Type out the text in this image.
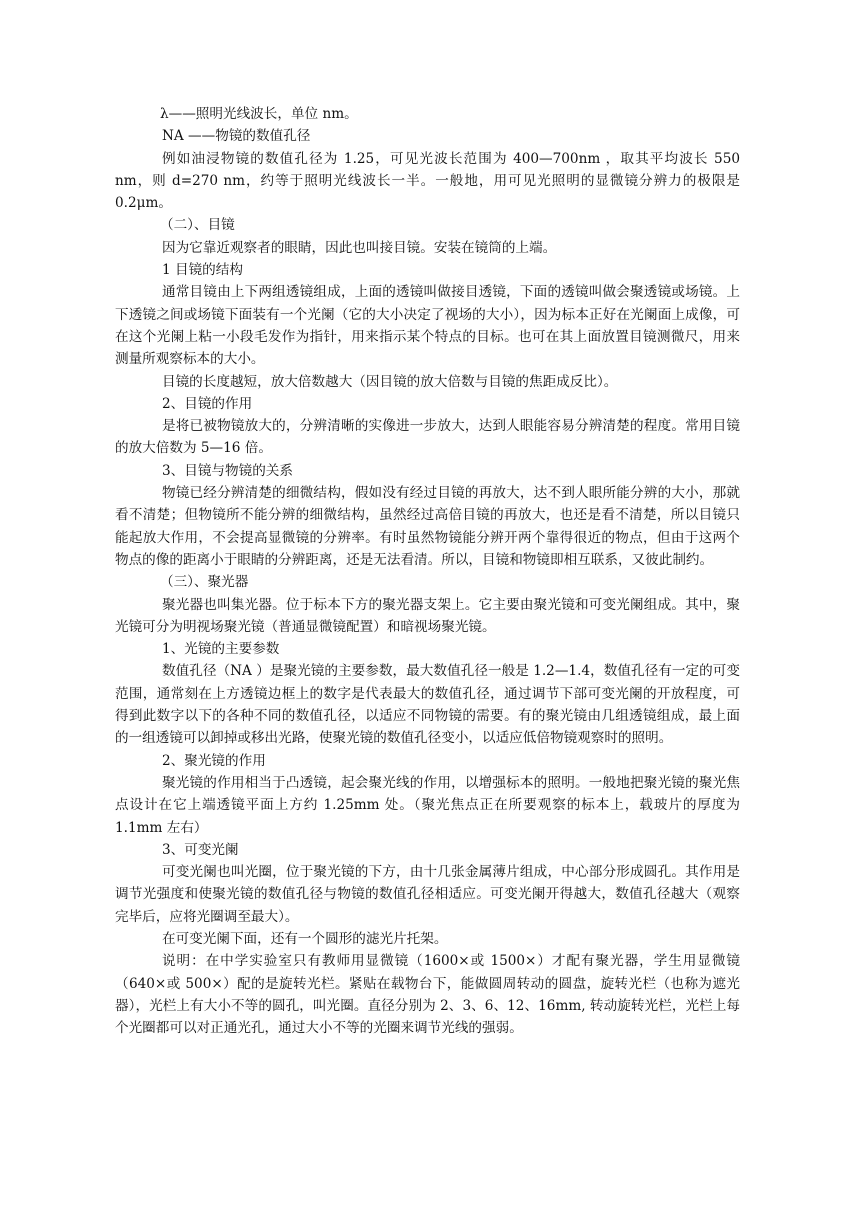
λ——照明光线波长，单位 nm。
NA ——物镜的数值孔径
例如油浸物镜的数值孔径为 1.25，可见光波长范围为 400—700nm ，取其平均波长 550 nm，则 d=270 nm，约等于照明光线波长一半。一般地，用可见光照明的显微镜分辨力的极限是 0.2μm。
（二）、目镜
因为它靠近观察者的眼睛，因此也叫接目镜。安装在镜筒的上端。
1 目镜的结构
通常目镜由上下两组透镜组成，上面的透镜叫做接目透镜，下面的透镜叫做会聚透镜或场镜。上下透镜之间或场镜下面装有一个光阑（它的大小决定了视场的大小），因为标本正好在光阑面上成像，可在这个光阑上粘一小段毛发作为指针，用来指示某个特点的目标。也可在其上面放置目镜测微尺，用来测量所观察标本的大小。
目镜的长度越短，放大倍数越大（因目镜的放大倍数与目镜的焦距成反比）。
2、目镜的作用
是将已被物镜放大的，分辨清晰的实像进一步放大，达到人眼能容易分辨清楚的程度。常用目镜的放大倍数为 5—16 倍。
3、目镜与物镜的关系
物镜已经分辨清楚的细微结构，假如没有经过目镜的再放大，达不到人眼所能分辨的大小，那就看不清楚；但物镜所不能分辨的细微结构，虽然经过高倍目镜的再放大，也还是看不清楚，所以目镜只能起放大作用，不会提高显微镜的分辨率。有时虽然物镜能分辨开两个靠得很近的物点，但由于这两个物点的像的距离小于眼睛的分辨距离，还是无法看清。所以，目镜和物镜即相互联系，又彼此制约。
（三）、聚光器
聚光器也叫集光器。位于标本下方的聚光器支架上。它主要由聚光镜和可变光阑组成。其中，聚光镜可分为明视场聚光镜（普通显微镜配置）和暗视场聚光镜。
1、光镜的主要参数
数值孔径（NA ）是聚光镜的主要参数，最大数值孔径一般是 1.2—1.4，数值孔径有一定的可变范围，通常刻在上方透镜边框上的数字是代表最大的数值孔径，通过调节下部可变光阑的开放程度，可得到此数字以下的各种不同的数值孔径，以适应不同物镜的需要。有的聚光镜由几组透镜组成，最上面的一组透镜可以卸掉或移出光路，使聚光镜的数值孔径变小，以适应低倍物镜观察时的照明。
2、聚光镜的作用
聚光镜的作用相当于凸透镜，起会聚光线的作用，以增强标本的照明。一般地把聚光镜的聚光焦点设计在它上端透镜平面上方约 1.25mm 处。（聚光焦点正在所要观察的标本上，载玻片的厚度为 1.1mm 左右）
3、可变光阑
可变光阑也叫光圈，位于聚光镜的下方，由十几张金属薄片组成，中心部分形成圆孔。其作用是调节光强度和使聚光镜的数值孔径与物镜的数值孔径相适应。可变光阑开得越大，数值孔径越大（观察完毕后，应将光圈调至最大）。
在可变光阑下面，还有一个圆形的滤光片托架。
说明：在中学实验室只有教师用显微镜（1600×或 1500×）才配有聚光器，学生用显微镜（640×或 500×）配的是旋转光栏。紧贴在载物台下，能做圆周转动的圆盘，旋转光栏（也称为遮光器），光栏上有大小不等的圆孔，叫光圈。直径分别为 2、3、6、12、16mm, 转动旋转光栏，光栏上每个光圈都可以对正通光孔，通过大小不等的光圈来调节光线的强弱。
